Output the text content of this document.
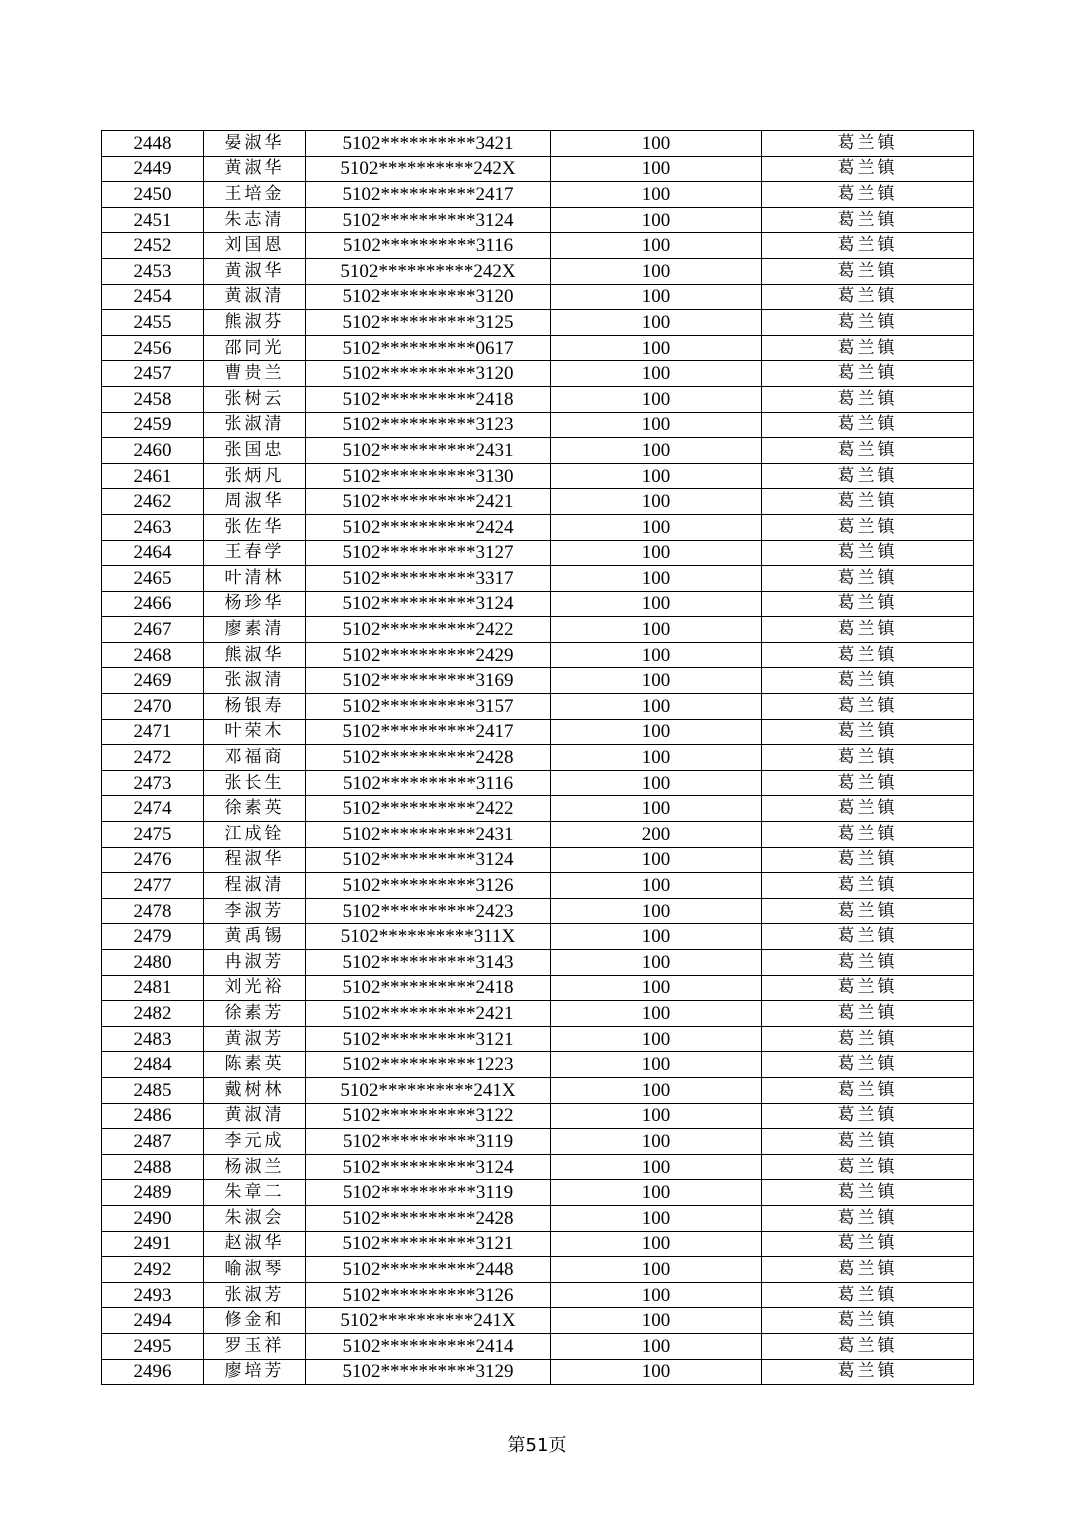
2448	晏淑华	5102**********3421	100	葛兰镇
2449	黄淑华	5102**********242X	100	葛兰镇
2450	王培金	5102**********2417	100	葛兰镇
2451	朱志清	5102**********3124	100	葛兰镇
2452	刘国恩	5102**********3116	100	葛兰镇
2453	黄淑华	5102**********242X	100	葛兰镇
2454	黄淑清	5102**********3120	100	葛兰镇
2455	熊淑芬	5102**********3125	100	葛兰镇
2456	邵同光	5102**********0617	100	葛兰镇
2457	曹贵兰	5102**********3120	100	葛兰镇
2458	张树云	5102**********2418	100	葛兰镇
2459	张淑清	5102**********3123	100	葛兰镇
2460	张国忠	5102**********2431	100	葛兰镇
2461	张炳凡	5102**********3130	100	葛兰镇
2462	周淑华	5102**********2421	100	葛兰镇
2463	张佐华	5102**********2424	100	葛兰镇
2464	王春学	5102**********3127	100	葛兰镇
2465	叶清林	5102**********3317	100	葛兰镇
2466	杨珍华	5102**********3124	100	葛兰镇
2467	廖素清	5102**********2422	100	葛兰镇
2468	熊淑华	5102**********2429	100	葛兰镇
2469	张淑清	5102**********3169	100	葛兰镇
2470	杨银寿	5102**********3157	100	葛兰镇
2471	叶荣木	5102**********2417	100	葛兰镇
2472	邓福商	5102**********2428	100	葛兰镇
2473	张长生	5102**********3116	100	葛兰镇
2474	徐素英	5102**********2422	100	葛兰镇
2475	江成铨	5102**********2431	200	葛兰镇
2476	程淑华	5102**********3124	100	葛兰镇
2477	程淑清	5102**********3126	100	葛兰镇
2478	李淑芳	5102**********2423	100	葛兰镇
2479	黄禹锡	5102**********311X	100	葛兰镇
2480	冉淑芳	5102**********3143	100	葛兰镇
2481	刘光裕	5102**********2418	100	葛兰镇
2482	徐素芳	5102**********2421	100	葛兰镇
2483	黄淑芳	5102**********3121	100	葛兰镇
2484	陈素英	5102**********1223	100	葛兰镇
2485	戴树林	5102**********241X	100	葛兰镇
2486	黄淑清	5102**********3122	100	葛兰镇
2487	李元成	5102**********3119	100	葛兰镇
2488	杨淑兰	5102**********3124	100	葛兰镇
2489	朱章二	5102**********3119	100	葛兰镇
2490	朱淑会	5102**********2428	100	葛兰镇
2491	赵淑华	5102**********3121	100	葛兰镇
2492	喻淑琴	5102**********2448	100	葛兰镇
2493	张淑芳	5102**********3126	100	葛兰镇
2494	修金和	5102**********241X	100	葛兰镇
2495	罗玉祥	5102**********2414	100	葛兰镇
2496	廖培芳	5102**********3129	100	葛兰镇
第51页
